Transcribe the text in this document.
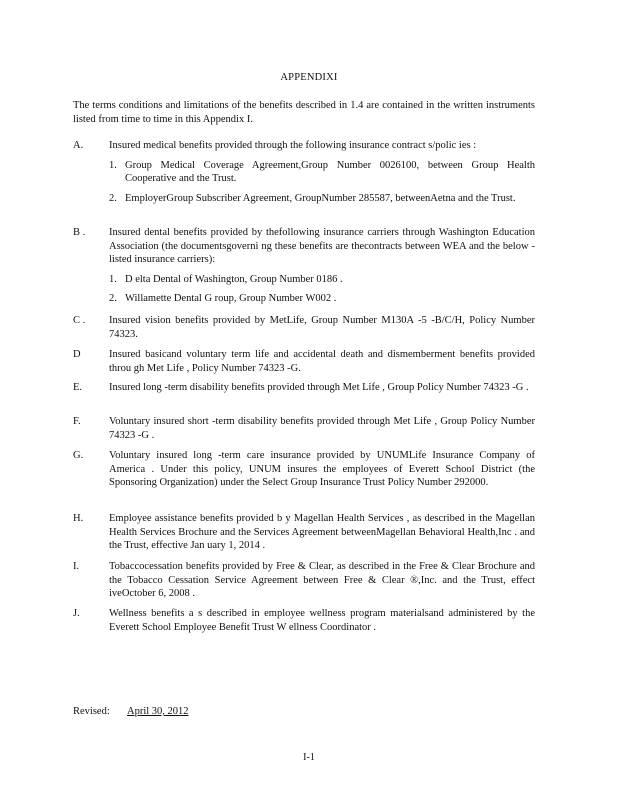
APPENDIXI
The terms conditions and limitations of the benefits described in 1.4 are contained in the written instruments listed from time to time in this Appendix I.
A. Insured medical benefits provided through the following insurance contract s/polic ies :
1. Group Medical Coverage Agreement,Group Number 0026100, between Group Health Cooperative and the Trust.
2. EmployerGroup Subscriber Agreement, GroupNumber 285587, betweenAetna and the Trust.
B . Insured dental benefits provided by thefollowing insurance carriers through Washington Education Association (the documentsgoverni ng these benefits are thecontracts between WEA and the below -listed insurance carriers):
1. D elta Dental of Washington, Group Number 0186 .
2. Willamette Dental G roup, Group Number W002 .
C . Insured vision benefits provided by MetLife, Group Number M130A -5 -B/C/H, Policy Number 74323.
D	Insured basicand voluntary term life and accidental death and dismemberment benefits provided throu gh Met Life , Policy Number 74323 -G.
E.	Insured long -term disability benefits provided through Met Life , Group Policy Number 74323 -G .
F.	Voluntary insured short -term disability benefits provided through Met Life , Group Policy Number 74323 -G .
G. Voluntary insured long -term care insurance provided by UNUMLife Insurance Company of America . Under this policy, UNUM insures the employees of Everett School District (the Sponsoring Organization) under the Select Group Insurance Trust Policy Number 292000.
H. Employee assistance benefits provided b y Magellan Health Services , as described in the Magellan Health Services Brochure and the Services Agreement betweenMagellan Behavioral Health,Inc . and the Trust, effective Jan uary 1, 2014 .
I.	Tobaccocessation benefits provided by Free & Clear, as described in the Free & Clear Brochure and the Tobacco Cessation Service Agreement between Free & Clear ®,Inc. and the Trust, effect iveOctober 6, 2008 .
J.	Wellness benefits a s described in employee wellness program materialsand administered by the Everett School Employee Benefit Trust W ellness Coordinator .
Revised: April 30, 2012
I-1
